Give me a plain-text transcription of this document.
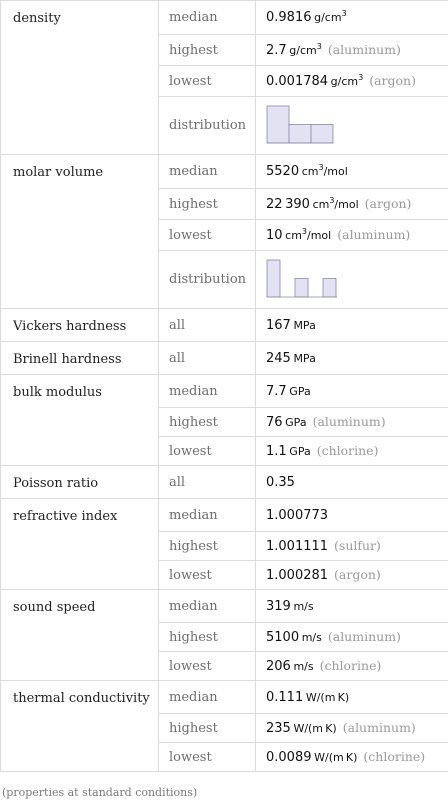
density	median	0.9816  $g/cm^3$
	highest	2.7  $g/cm^3$ (aluminum)
	lowest	0.001784  $g/cm^3$ (argon)
	distribution	

molar volume	median	5520  $cm^3$/mol
	highest	22 390  $cm^3$/mol (argon)
	lowest	10  $cm^3$/mol (aluminum)
	distribution	

Vickers hardness	all	167  MPa
Brinell hardness	all	245  MPa
bulk modulus	median	7.7  GPa
	highest	76  GPa (aluminum)
	lowest	1.1  GPa (chlorine)
Poisson ratio	all	0.35
refractive index	median	1.000773
	highest	1.001111 (sulfur)
	lowest	1.000281 (argon)
sound speed	median	319  m/s
	highest	5100  m/s (aluminum)
	lowest	206  m/s (chlorine)
thermal conductivity	median	0.111  W/(m K)
	highest	235  W/(m K) (aluminum)
	lowest	0.0089  W/(m K) (chlorine)
(properties at standard conditions)
